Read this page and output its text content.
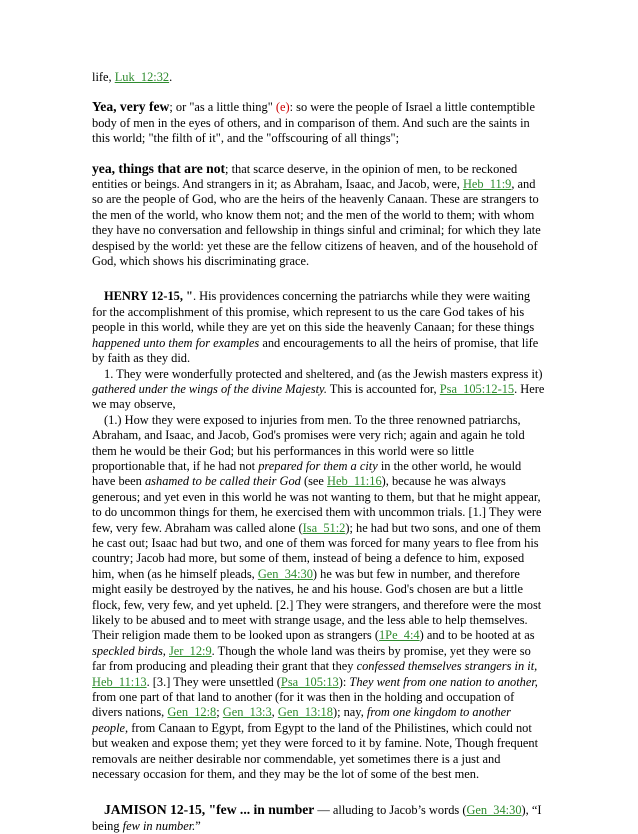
life, Luk_12:32.

Yea, very few; or "as a little thing" (e): so were the people of Israel a little contemptible body of men in the eyes of others, and in comparison of them. And such are the saints in this world; "the filth of it", and the "offscouring of all things";

yea, things that are not; that scarce deserve, in the opinion of men, to be reckoned entities or beings. And strangers in it; as Abraham, Isaac, and Jacob, were, Heb_11:9, and so are the people of God, who are the heirs of the heavenly Canaan. These are strangers to the men of the world, who know them not; and the men of the world to them; with whom they have no conversation and fellowship in things sinful and criminal; for which they late despised by the world: yet these are the fellow citizens of heaven, and of the household of God, which shows his discriminating grace.

HENRY 12-15, ". His providences concerning the patriarchs while they were waiting for the accomplishment of this promise, which represent to us the care God takes of his people in this world, while they are yet on this side the heavenly Canaan; for these things happened unto them for examples and encouragements to all the heirs of promise, that life by faith as they did.

1. They were wonderfully protected and sheltered, and (as the Jewish masters express it) gathered under the wings of the divine Majesty. This is accounted for, Psa_105:12-15. Here we may observe,

(1.) How they were exposed to injuries from men. To the three renowned patriarchs, Abraham, and Isaac, and Jacob, God's promises were very rich; again and again he told them he would be their God; but his performances in this world were so little proportionable that, if he had not prepared for them a city in the other world, he would have been ashamed to be called their God (see Heb_11:16), because he was always generous; and yet even in this world he was not wanting to them, but that he might appear, to do uncommon things for them, he exercised them with uncommon trials. [1.] They were few, very few. Abraham was called alone (Isa_51:2); he had but two sons, and one of them he cast out; Isaac had but two, and one of them was forced for many years to flee from his country; Jacob had more, but some of them, instead of being a defence to him, exposed him, when (as he himself pleads, Gen_34:30) he was but few in number, and therefore might easily be destroyed by the natives, he and his house. God's chosen are but a little flock, few, very few, and yet upheld. [2.] They were strangers, and therefore were the most likely to be abused and to meet with strange usage, and the less able to help themselves. Their religion made them to be looked upon as strangers (1Pe_4:4) and to be hooted at as speckled birds, Jer_12:9. Though the whole land was theirs by promise, yet they were so far from producing and pleading their grant that they confessed themselves strangers in it, Heb_11:13. [3.] They were unsettled (Psa_105:13): They went from one nation to another, from one part of that land to another (for it was then in the holding and occupation of divers nations, Gen_12:8; Gen_13:3, Gen_13:18); nay, from one kingdom to another people, from Canaan to Egypt, from Egypt to the land of the Philistines, which could not but weaken and expose them; yet they were forced to it by famine. Note, Though frequent removals are neither desirable nor commendable, yet sometimes there is a just and necessary occasion for them, and they may be the lot of some of the best men.

JAMISON 12-15, "few ... in number — alluding to Jacob’s words (Gen_34:30), “I being few in number.”
